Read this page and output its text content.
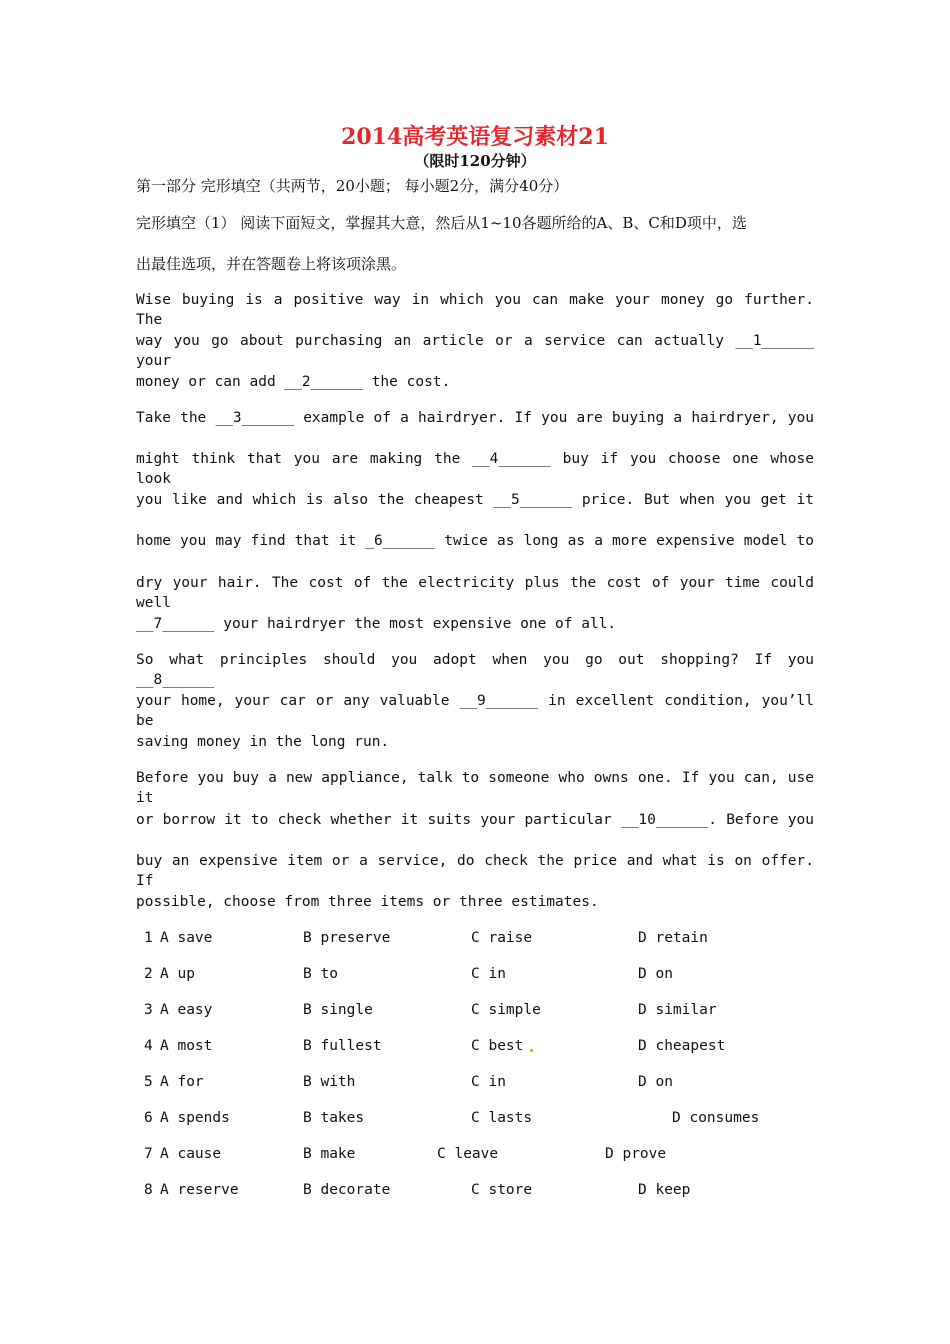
2014高考英语复习素材21
（限时120分钟）
第一部分 完形填空（共两节，20小题； 每小题2分，满分40分）
完形填空（1） 阅读下面短文，掌握其大意，然后从1~10各题所给的A、B、C和D项中，选
出最佳选项，并在答题卷上将该项涂黑。
Wise buying is a positive way in which you can make your money go further. The
way you go about purchasing an article or a service can actually __1______ your
money or can add __2______ the cost.
Take the __3______ example of a hairdryer. If you are buying a hairdryer, you
might think that you are making the __4______ buy if you choose one whose look
you like and which is also the cheapest __5______ price. But when you get it
home you may find that it _6______ twice as long as a more expensive model to
dry your hair. The cost of the electricity plus the cost of your time could well
__7______ your hairdryer the most expensive one of all.
So what principles should you adopt when you go out shopping? If you __8______
your home, your car or any valuable __9______ in excellent condition, you’ll be
saving money in the long run.
Before you buy a new appliance, talk to someone who owns one. If you can, use it
or borrow it to check whether it suits your particular __10______. Before you
buy an expensive item or a service, do check the price and what is on offer. If
possible, choose from three items or three estimates.
1 A save	B preserve	C raise	D retain
2 A up	B to	C in	D on
3 A easy	B single	C simple	D similar
4 A most	B fullest	C best	D cheapest
5 A for	B with	C in	D on
6 A spends	B takes	C lasts	D consumes
7 A cause	B make	C leave	D prove
8 A reserve	B decorate	C store	D keep
